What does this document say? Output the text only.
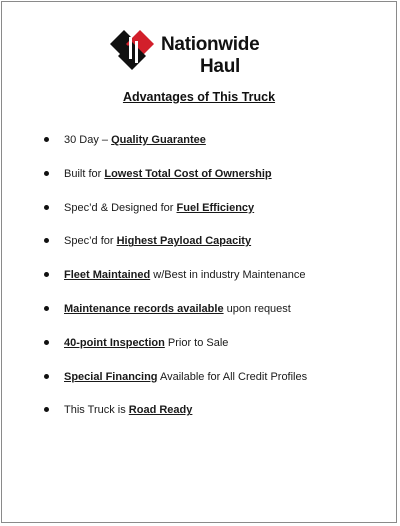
Nationwide
Haul
Advantages of This Truck
30 Day – Quality Guarantee
Built for Lowest Total Cost of Ownership
Spec’d & Designed for Fuel Efficiency
Spec’d for Highest Payload Capacity
Fleet Maintained w/Best in industry Maintenance
Maintenance records available upon request
40-point Inspection Prior to Sale
Special Financing Available for All Credit Profiles
This Truck is Road Ready
